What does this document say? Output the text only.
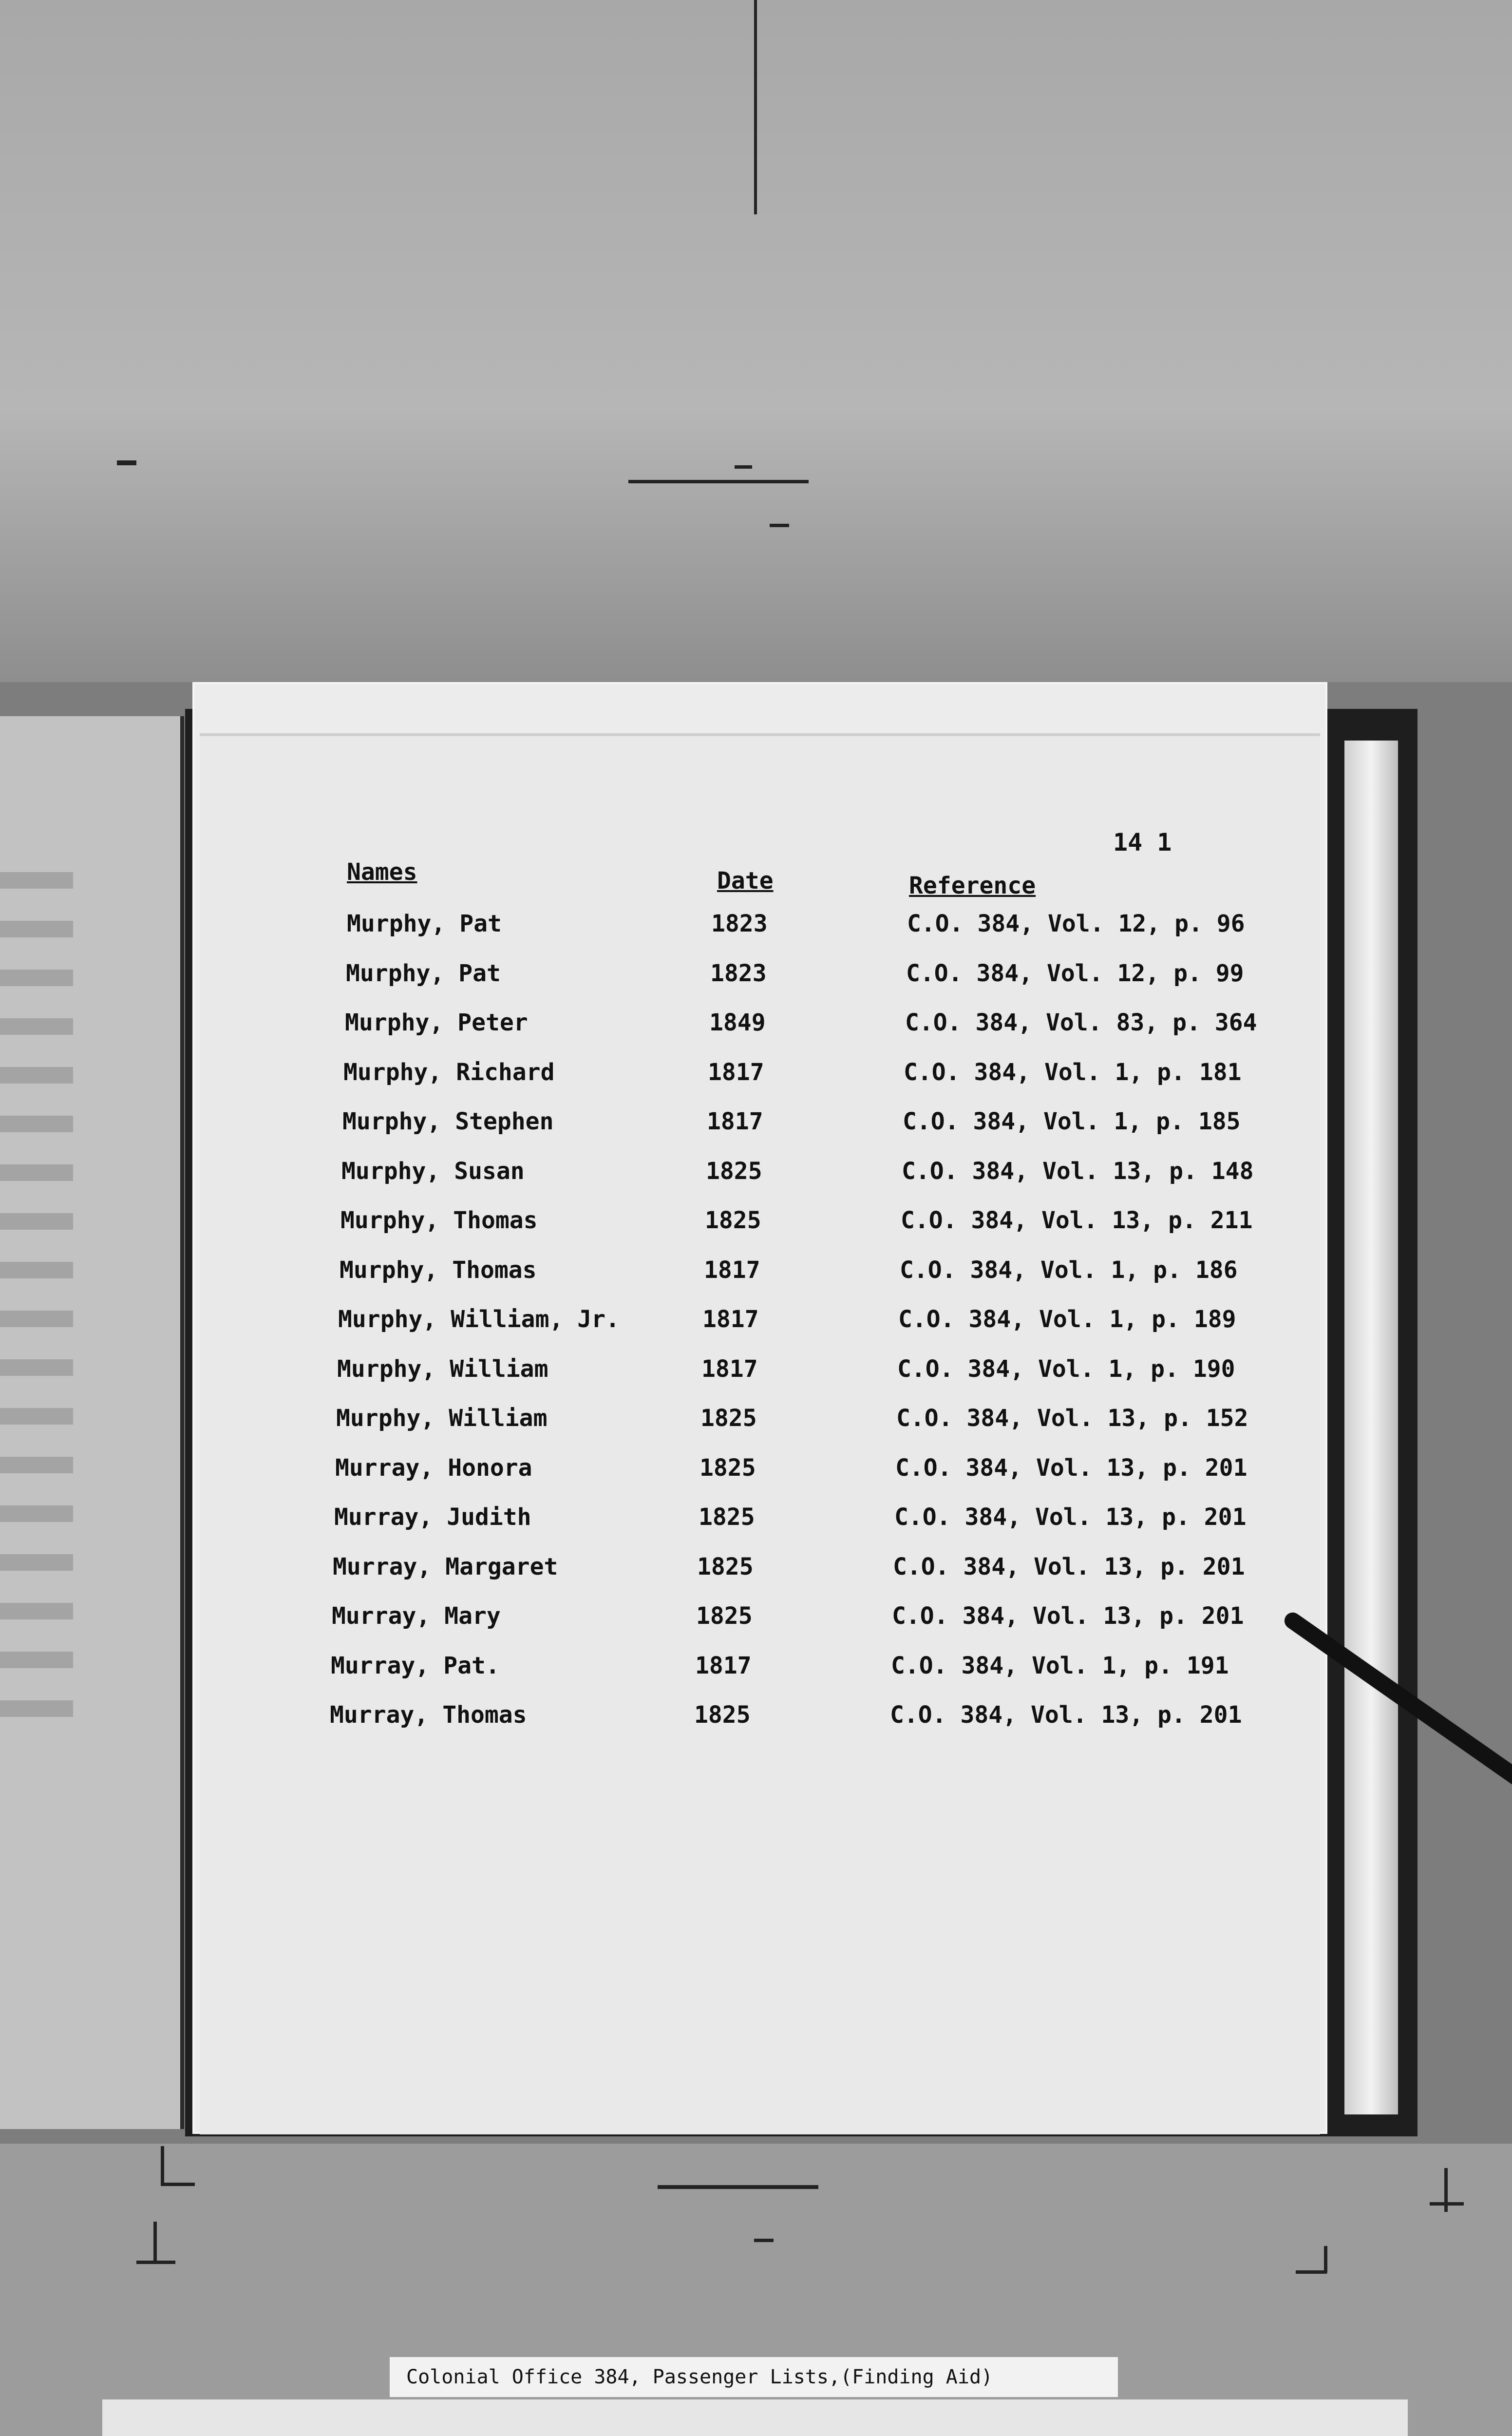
14 1
Names	Date	Reference
Murphy, Pat	1823	C.O. 384, Vol. 12, p. 96
Murphy, Pat	1823	C.O. 384, Vol. 12, p. 99
Murphy, Peter	1849	C.O. 384, Vol. 83, p. 364
Murphy, Richard	1817	C.O. 384, Vol. 1, p. 181
Murphy, Stephen	1817	C.O. 384, Vol. 1, p. 185
Murphy, Susan	1825	C.O. 384, Vol. 13, p. 148
Murphy, Thomas	1825	C.O. 384, Vol. 13, p. 211
Murphy, Thomas	1817	C.O. 384, Vol. 1, p. 186
Murphy, William, Jr.	1817	C.O. 384, Vol. 1, p. 189
Murphy, William	1817	C.O. 384, Vol. 1, p. 190
Murphy, William	1825	C.O. 384, Vol. 13, p. 152
Murray, Honora	1825	C.O. 384, Vol. 13, p. 201
Murray, Judith	1825	C.O. 384, Vol. 13, p. 201
Murray, Margaret	1825	C.O. 384, Vol. 13, p. 201
Murray, Mary	1825	C.O. 384, Vol. 13, p. 201
Murray, Pat.	1817	C.O. 384, Vol. 1, p. 191
Murray, Thomas	1825	C.O. 384, Vol. 13, p. 201
Colonial Office 384, Passenger Lists,(Finding Aid)
